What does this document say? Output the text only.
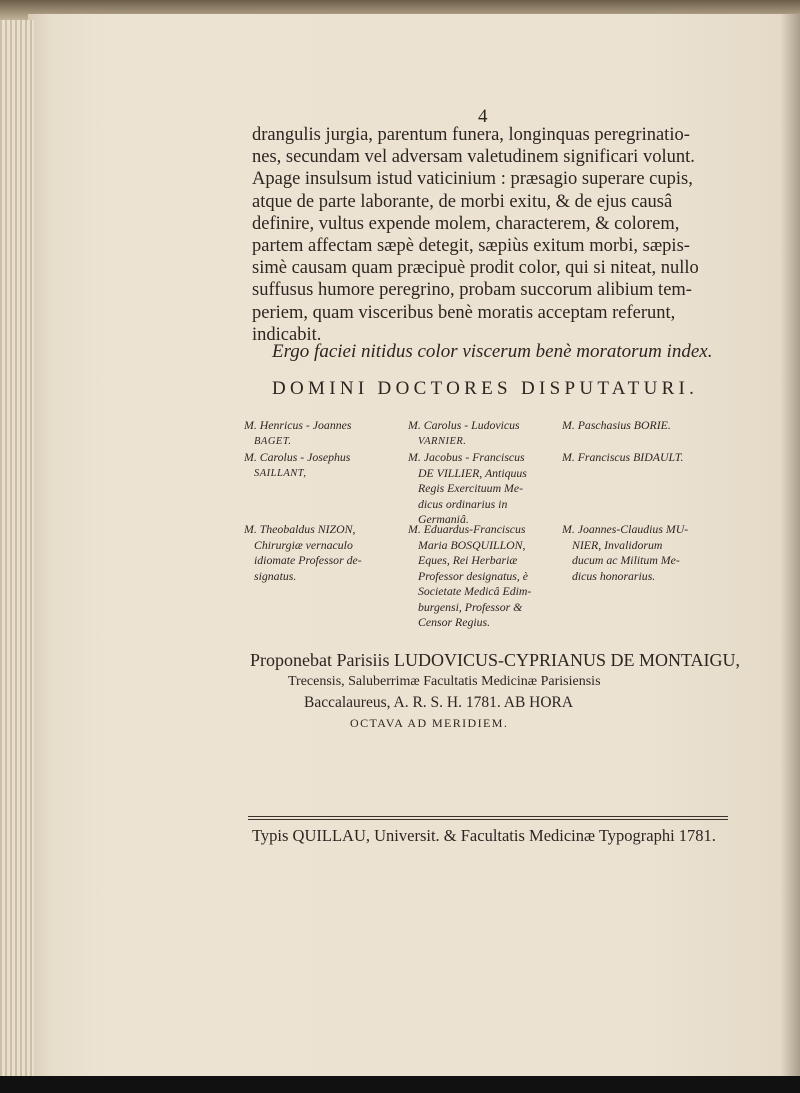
4
drangulis jurgia, parentum funera, longinquas peregrinatio-
nes, secundam vel adversam valetudinem significari volunt.
Apage insulsum istud vaticinium : præsagio superare cupis,
atque de parte laborante, de morbi exitu, & de ejus causâ
definire, vultus expende molem, characterem, & colorem,
partem affectam sæpè detegit, sæpiùs exitum morbi, sæpis-
simè causam quam præcipuè prodit color, qui si niteat, nullo
suffusus humore peregrino, probam succorum alibium tem-
periem, quam visceribus benè moratis acceptam referunt,
indicabit.
Ergo faciei nitidus color viscerum benè moratorum index.
DOMINI DOCTORES DISPUTATURI.
M. Henricus - Joannes
BAGET.
M. Carolus - Josephus
SAILLANT,
M. Theobaldus NIZON,
Chirurgiæ vernaculo
idiomate Professor de-
signatus.
M. Carolus - Ludovicus
VARNIER.
M. Jacobus - Franciscus
DE VILLIER, Antiquus
Regis Exercituum Me-
dicus ordinarius in
Germaniâ.
M. Eduardus-Franciscus
Maria BOSQUILLON,
Eques, Rei Herbariæ
Professor designatus, è
Societate Medicâ Edim-
burgensi, Professor &
Censor Regius.
M. Paschasius BORIE.
M. Franciscus BIDAULT.
M. Joannes-Claudius MU-
NIER, Invalidorum
ducum ac Militum Me-
dicus honorarius.
Proponebat Parisiis LUDOVICUS-CYPRIANUS DE MONTAIGU,
Trecensis, Saluberrimæ Facultatis Medicinæ Parisiensis
Baccalaureus, A. R. S. H. 1781. AB HORA
OCTAVA AD MERIDIEM.
Typis QUILLAU, Universit. & Facultatis Medicinæ Typographi 1781.
